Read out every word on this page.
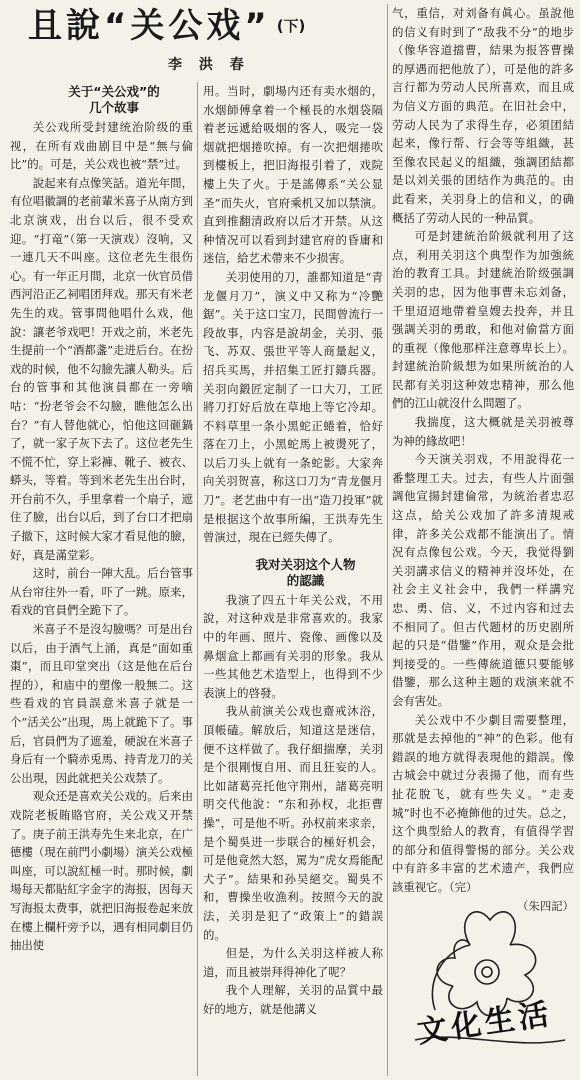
且說“关公戏” $^{(下)}$
李 洪 春

关于“关公戏”的

几个故事

关公戏所受封建统治阶级的重视，在所有戏曲剧目中是“無与倫比”的。可是，关公戏也被“禁”过。

說起来有点像笑話。道光年間，有位唱徽調的老前輩米喜子从南方到北京演戏，出台以后，很不受欢迎。“打竜”（第一天演戏）沒响，又一連几天不叫座。这位老先生很伤心。有一年正月間，北京一伙官员借西河沿正乙祠唱团拜戏。那天有米老先生的戏。管事問他唱什么戏，他說：讓老爷戏吧！开戏之前，米老先生提前一个“酒都盞”走进后台。在扮戏的时候，他不勾臉先讓人勒头。后台的管事和其他演員都在一旁嘀咕：“扮老爷会不勾臉，瞧他怎么出台？”有人替他就心，怕他这回砸鍋了，就一家子灰下去了。这位老先生不慌不忙，穿上彩褲、靴子、被衣、蟒头，等着。等到米老先生出台时，开台前不久，手里拿着一个扇子，遮住了臉，出台以后，到了台口才把扇子撤下，这时候大家才看見他的臉，好，真是滿堂彩。

这时，前台一陣大乱。后台管事从台帘往外一看，吓了一跳。原来，看戏的官員們全跪下了。

米喜子不是沒勾臉嗎？可是出台以后，由于酒气上涌，真是“面如重棗”，而且印堂突出（这是他在后台捏的），和庙中的塑像一般無二。这些看戏的官員誤意米喜子就是一个“活关公”出現，馬上就跪下了。事后，官員們为了遮羞，硬說在米喜子身后有一个騎赤兎馬、持青龙刀的关公出現，因此就把关公戏禁了。

观众还是喜欢关公戏的。后来由戏院老板賄賂官府，关公戏又开禁了。庚子前王洪寿先生来北京，在广德樓（現在前門小劇場）演关公戏極叫座，可以說紅極一时。那时候，劇場每天都貼紅字金字的海报，因每天写海报太费事，就把旧海报卷起来放在樓上欄杆旁予以，遇有相同劇目仍抽出使

用。当时，劇場内还有卖水烟的，水烟師傅拿着一个極長的水烟袋隔着老远遞給吸烟的客人，吸完一袋烟就把烟捲吹掉。有一次把烟捲吹到樓板上，把旧海报引着了，戏院樓上失了火。于是謠傳系“关公显圣”而失火，官府乘机又加以禁演。直到推翻清政府以后才开禁。从这种情况可以看到封建官府的昏庸和迷信，給艺术帶来不少损害。

关羽使用的刀，誰都知道是“青龙偃月刀”，演义中又称为“冷艷鋸”。关于这口宝刀，民間曾流行一段故事，内容是說胡金，关羽、張飞、苏双、張世平等人商量起义，招兵买馬，并招集工匠打鑄兵器。关羽向鍛匠定制了一口大刀，工匠將刀打好后放在草地上等它冷却。不料草里一条小黑蛇正蜷着，恰好落在刀上，小黑蛇馬上被燙死了，以后刀头上就有一条蛇影。大家奔向关羽贺喜，称这口刀为“青龙偃月刀”。老艺曲中有一出“造刀投軍”就是根据这个故事所編，王洪寿先生曾演过，現在已經失傳了。

我对关羽这个人物

的認識

我演了四五十年关公戏，不用說，对这种戏是非常喜欢的。我家中的年画、照片、瓷像、画像以及鼻烟盒上都画有关羽的形象。我从一些其他艺术造型上，也得到不少表演上的啓發。

我从前演关公戏也齋戒沐浴，頂帳磕。解放后，知道这是迷信，便不这样做了。我仔細揣摩，关羽是个很剛愎自用、而且狂妄的人。比如諸葛亮托他守荆州，諸葛亮明明交代他說：“东和孙权，北拒曹操”，可是他不听。孙权前来求亲，是个蜀吳进一步联合的極好机会，可是他竟然大怒，罵为“虎女焉能配犬子”。結果和孙吴絕交。蜀吳不和，曹操坐收漁利。按照今天的說法，关羽是犯了“政策上”的錯誤的。

但是，为什么关羽这样被人称道，而且被崇拜得神化了呢？

我个人理解，关羽的品質中最好的地方，就是他講义

气，重信，对刘备有眞心。虽說他的信义有时到了“敌我不分”的地步（像华容道擋曹，結果为报答曹操的厚遇而把他放了），可是他的許多言行都为劳动人民所喜欢，而且成为信义方面的典范。在旧社会中，劳动人民为了求得生存，必須团結起来，像行帮、行会等等組織，甚至像农民起义的組織，強調团結都是以刘关張的团结作为典范的。由此看来，关羽身上的信和义，的确概括了劳动人民的一种品質。

可是封建統治阶級就利用了这点，利用关羽这个典型作为加強統治的教育工具。封建統治阶级强調关羽的忠，因为他事曹未忘刘备，千里迢迢地帶着皇嫂去投奔，并且强調关羽的勇敢，和他对偷當方面的重视（像他那样注意尊卑长上）。封建統治阶級想为如果所統治的人民都有关羽这种效忠精神，那么他們的江山就沒什么問題了。

我揣度，这大概就是关羽被尊为神的緣故吧！

今天演关羽戏，不用說得花一番整理工夫。过去，有些人片面强調他宣揚封建倫常，为統治者忠忍这点，給关公戏加了許多清規戒律，許多关公戏都不能演出了。情況有点像包公戏。今天，我觉得劉关羽講求信义的精神并沒坏处，在社会主义社会中，我們一样講究忠、勇、信、义，不过内容和过去不相同了。但古代题材的历史剧所起的只是“借鑒”作用，观众是会批判接受的。一些傳統道德只要能够借鑒，那么这种主题的戏演来就不会有害处。

关公戏中不少劇目需要整理，那就是去掉他的“神”的色彩。他有錯誤的地方就得表現他的錯誤。像古城会中就过分表揚了他，而有些扯花脫飞，就有些失义。“走麦城”时也不必掩飾他的过失。总之，这个典型給人的教育，有值得学習的部分和值得警惕的部分。关公戏中有許多丰富的艺术遗产，我們应該重视它。（完）

（朱四記）

文化生活
